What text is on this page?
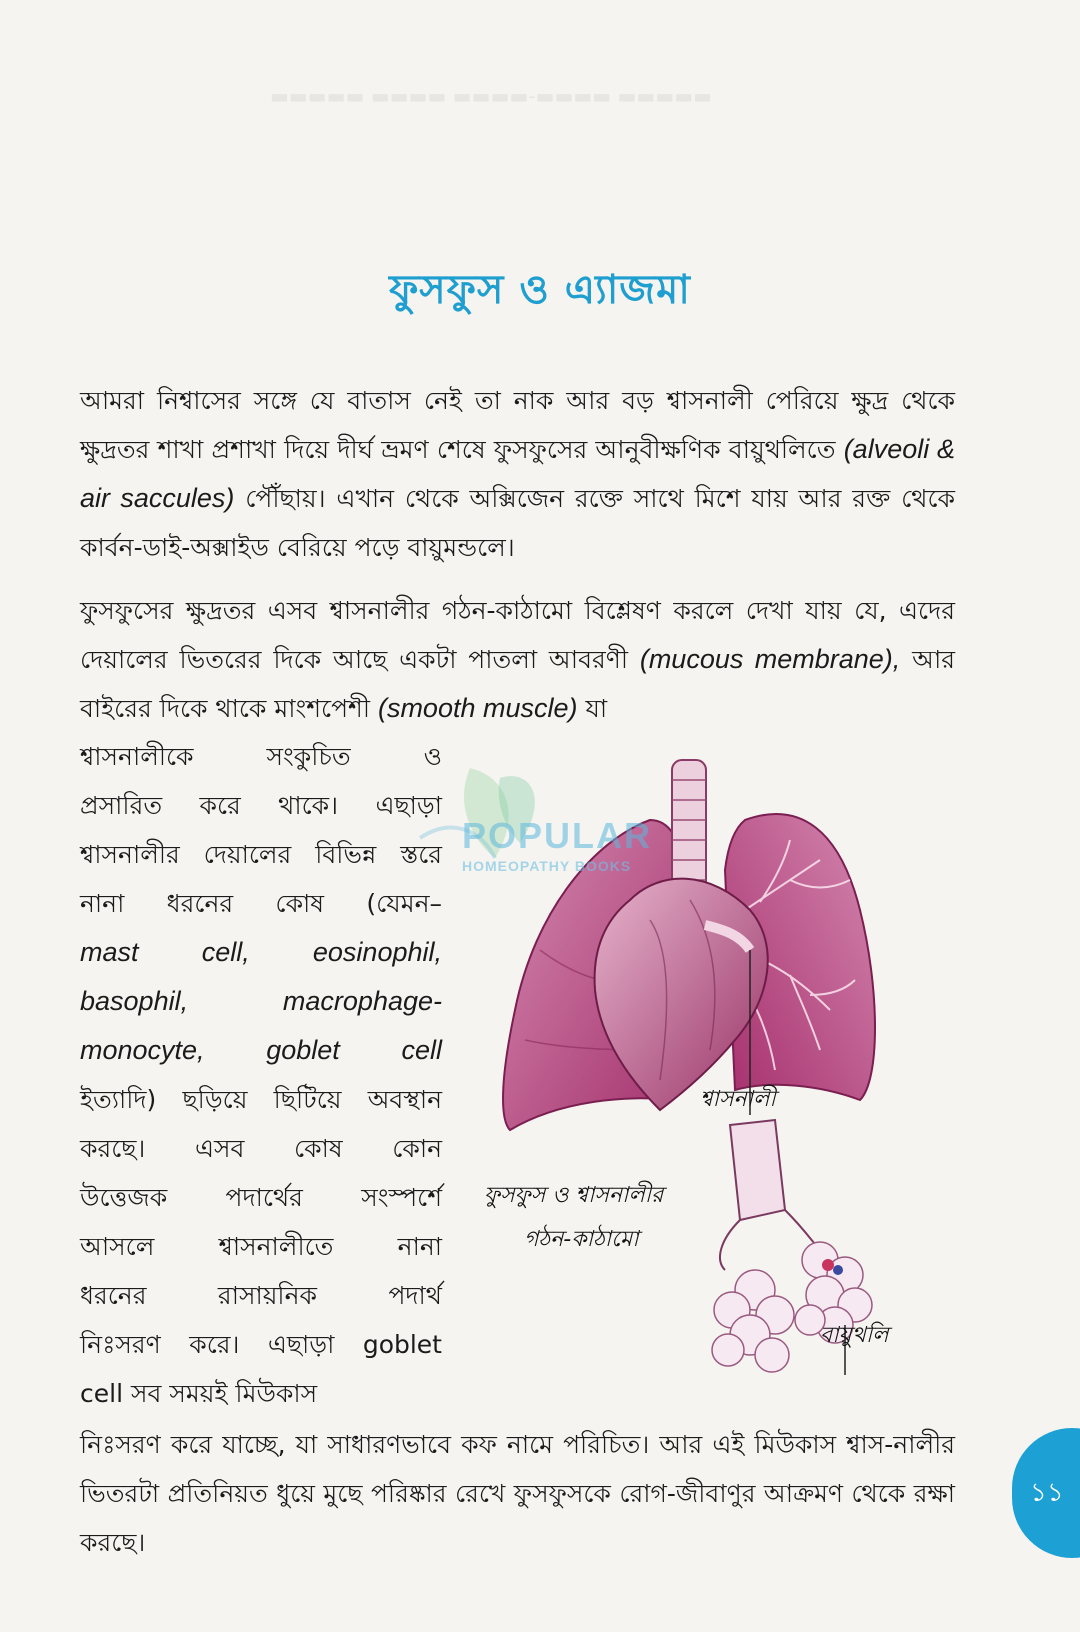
▬▬▬▬▬ ▬▬▬▬ ▬▬▬▬-▬▬▬▬ ▬▬▬▬▬
ফুসফুস ও এ্যাজমা
আমরা নিশ্বাসের সঙ্গে যে বাতাস নেই তা নাক আর বড় শ্বাসনালী পেরিয়ে ক্ষুদ্র থেকে ক্ষুদ্রতর শাখা প্রশাখা দিয়ে দীর্ঘ ভ্রমণ শেষে ফুসফুসের আনুবীক্ষণিক বায়ুথলিতে (alveoli & air saccules) পৌঁছায়। এখান থেকে অক্সিজেন রক্তে সাথে মিশে যায় আর রক্ত থেকে কার্বন-ডাই-অক্সাইড বেরিয়ে পড়ে বায়ুমন্ডলে।
ফুসফুসের ক্ষুদ্রতর এসব শ্বাসনালীর গঠন-কাঠামো বিশ্লেষণ করলে দেখা যায় যে, এদের দেয়ালের ভিতরের দিকে আছে একটা পাতলা আবরণী (mucous membrane), আর বাইরের দিকে থাকে মাংশপেশী (smooth muscle) যা
শ্বাসনালীকে সংকুচিত ও
প্রসারিত করে থাকে। এছাড়া
শ্বাসনালীর দেয়ালের বিভিন্ন স্তরে
নানা ধরনের কোষ (যেমন–
mast cell, eosinophil,
basophil, macrophage-
monocyte, goblet cell
ইত্যাদি) ছড়িয়ে ছিটিয়ে অবস্থান
করছে। এসব কোষ কোন
উত্তেজক পদার্থের সংস্পর্শে
আসলে শ্বাসনালীতে নানা
ধরনের রাসায়নিক পদার্থ
নিঃসরণ করে। এছাড়া goblet
cell সব সময়ই মিউকাস
POPULAR
HOMEOPATHY BOOKS
শ্বাসনালী
ফুসফুস ও শ্বাসনালীর
গঠন-কাঠামো
বায়ুথলি
নিঃসরণ করে যাচ্ছে, যা সাধারণভাবে কফ নামে পরিচিত। আর এই মিউকাস শ্বাস-নালীর ভিতরটা প্রতিনিয়ত ধুয়ে মুছে পরিষ্কার রেখে ফুসফুসকে রোগ-জীবাণুর আক্রমণ থেকে রক্ষা করছে।
১১
